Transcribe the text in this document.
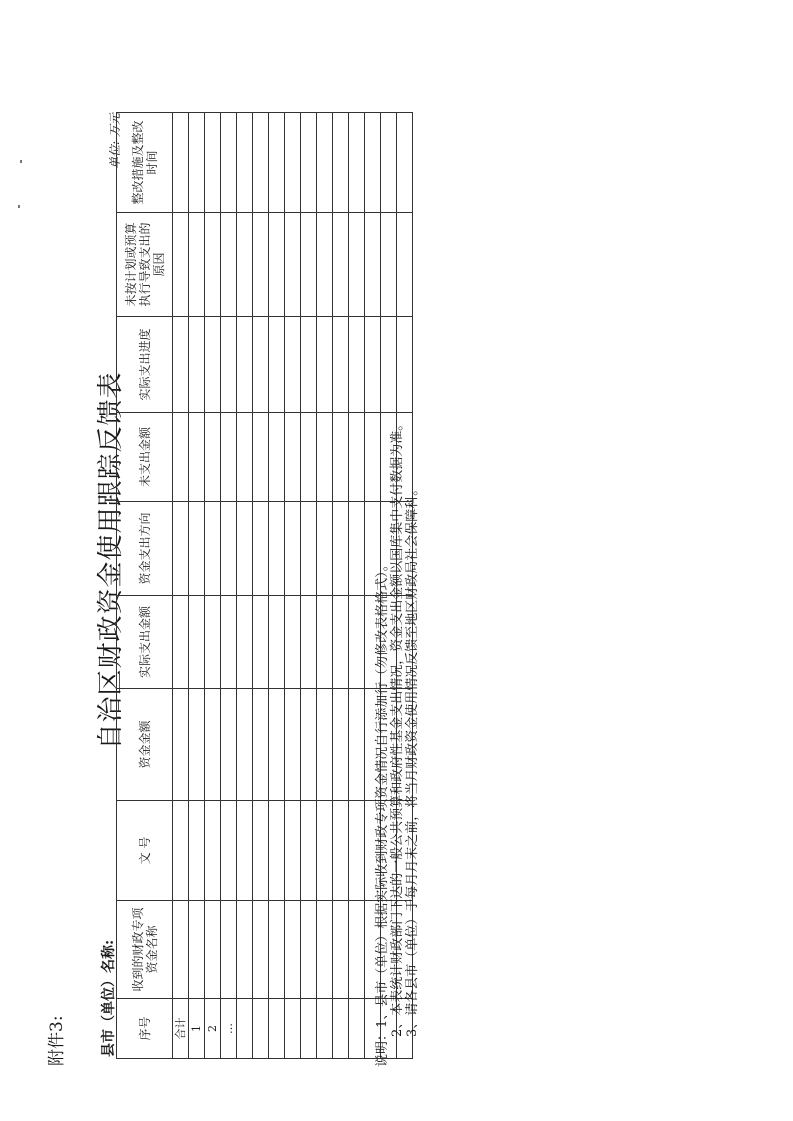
附件3:
自治区财政资金使用跟踪反馈表
县市（单位）名称:
单位: 万元
序号	收到的财政专项资金名称	文 号	资金金额	实际支出金额	资金支出方向	未支出金额	实际支出进度	未按计划或预算执行导致支出的原因	整改措施及整改时间
合计									
1									
2									
…									

										说明：1、县市（单位）根据实际收到财政专项资金情况自行添加行（勿修改表格格式）。 2、本表统计财政部门下达的一般公共预算和政府性基金支出情况，资金支出金额以国库集中支付数据为准。 3、请各县市（单位）于每月月末之前，将当月财政资金使用情况反馈至地区财政局社会保障科。
